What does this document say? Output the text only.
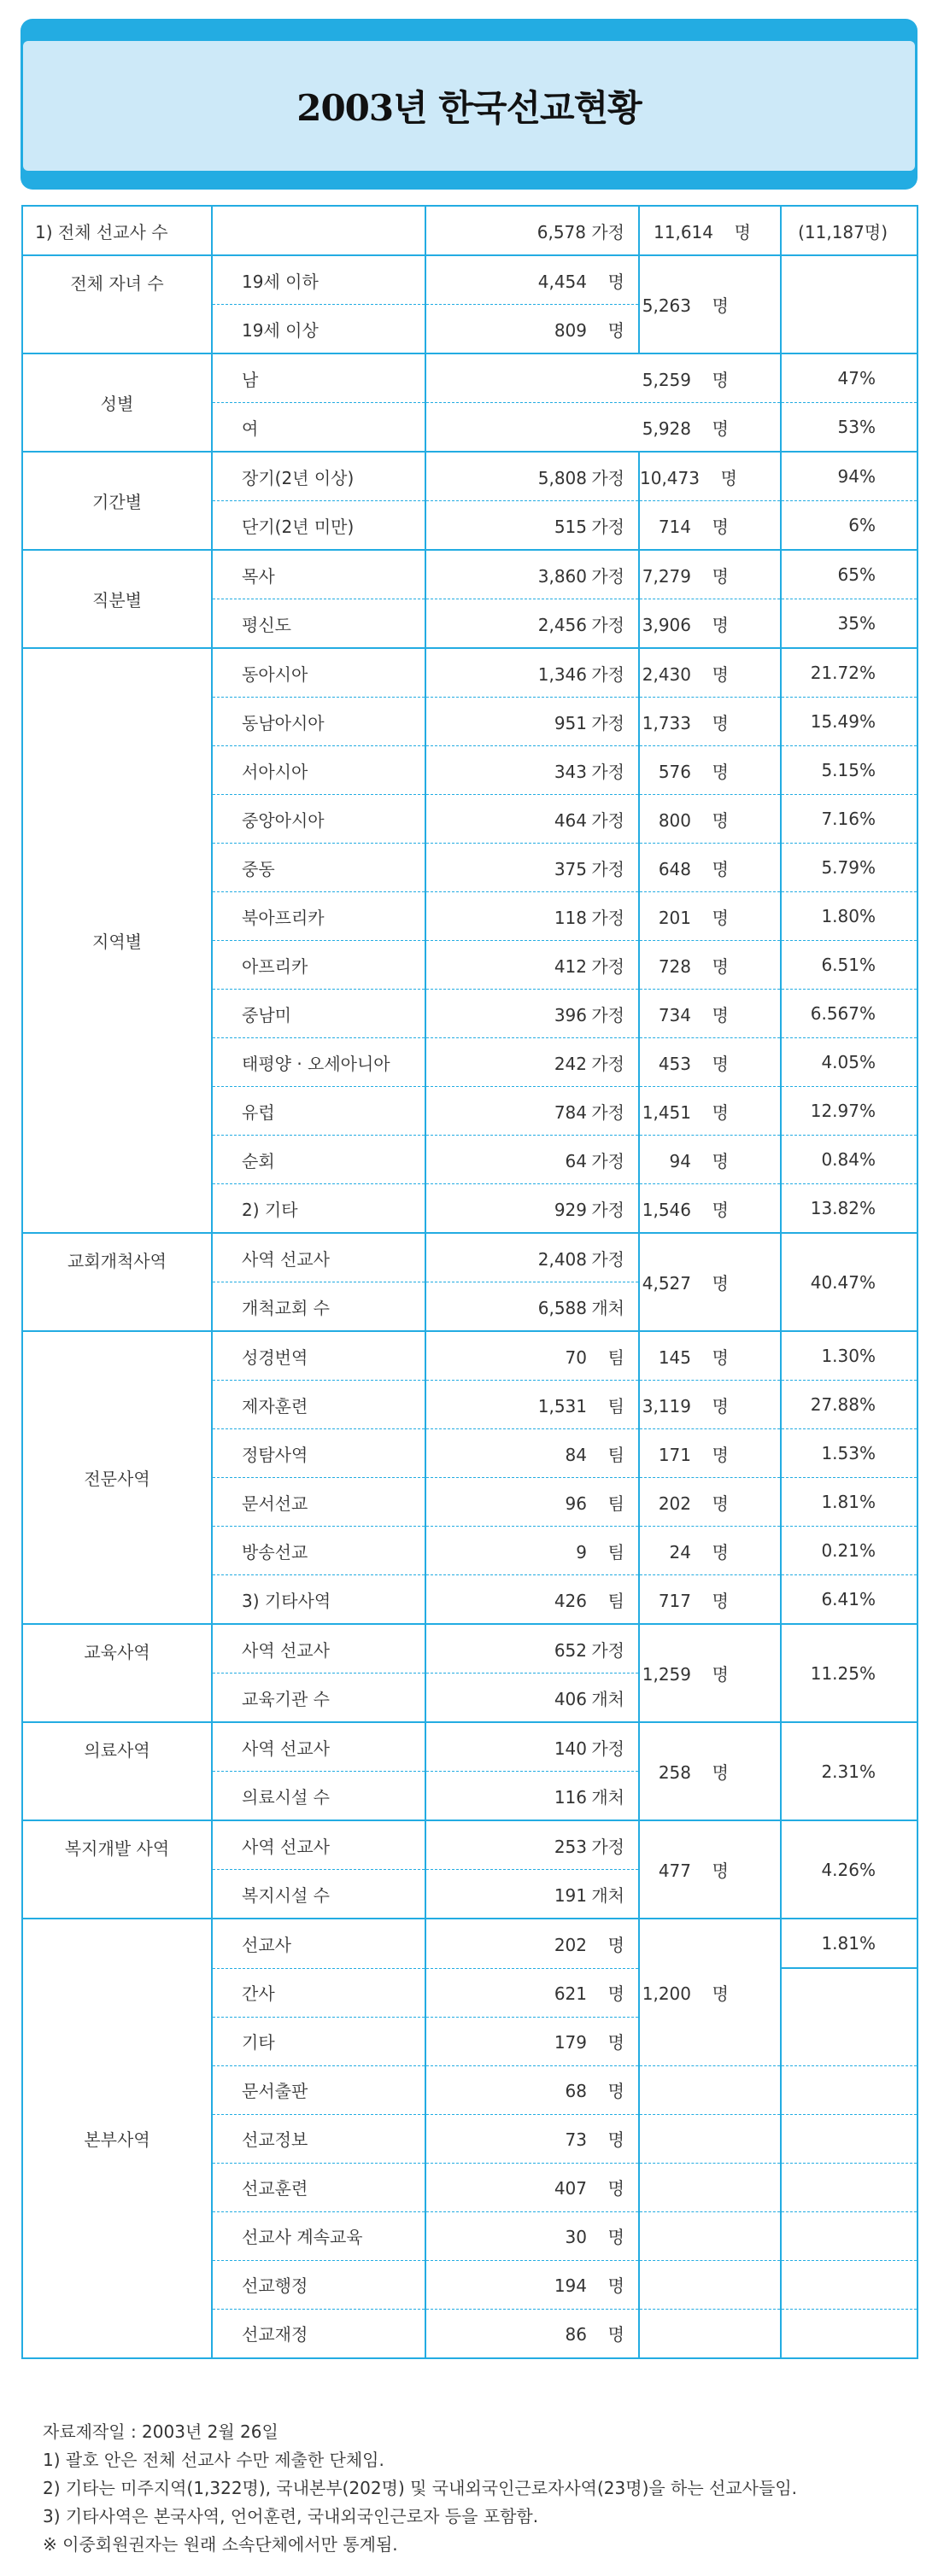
2003년 한국선교현황
1) 전체 선교사 수		6,578 가정	11,614 명	(11,187명)
전체 자녀 수	19세 이하	4,454 명	5,263 명	
	19세 이상	809 명		
성별	남		5,259 명	47%
	여		5,928 명	53%
기간별	장기(2년 이상)	5,808 가정	10,473 명	94%
	단기(2년 미만)	515 가정	714 명	6%
직분별	목사	3,860 가정	7,279 명	65%
	평신도	2,456 가정	3,906 명	35%
지역별	동아시아	1,346 가정	2,430 명	21.72%
	동남아시아	951 가정	1,733 명	15.49%
	서아시아	343 가정	576 명	5.15%
	중앙아시아	464 가정	800 명	7.16%
	중동	375 가정	648 명	5.79%
	북아프리카	118 가정	201 명	1.80%
	아프리카	412 가정	728 명	6.51%
	중남미	396 가정	734 명	6.567%
	태평양 · 오세아니아	242 가정	453 명	4.05%
	유럽	784 가정	1,451 명	12.97%
	순회	64 가정	94 명	0.84%
	2) 기타	929 가정	1,546 명	13.82%
교회개척사역	사역 선교사	2,408 가정	4,527 명	40.47%
	개척교회 수	6,588 개처		
전문사역	성경번역	70 팀	145 명	1.30%
	제자훈련	1,531 팀	3,119 명	27.88%
	정탐사역	84 팀	171 명	1.53%
	문서선교	96 팀	202 명	1.81%
	방송선교	9 팀	24 명	0.21%
	3) 기타사역	426 팀	717 명	6.41%
교육사역	사역 선교사	652 가정	1,259 명	11.25%
	교육기관 수	406 개처		
의료사역	사역 선교사	140 가정	258 명	2.31%
	의료시설 수	116 개처		
복지개발 사역	사역 선교사	253 가정	477 명	4.26%
	복지시설 수	191 개처		
본부사역	선교사	202 명	1,200 명	1.81%
	간사	621 명		
	기타	179 명		
	문서출판	68 명		
	선교정보	73 명		
	선교훈련	407 명		
	선교사 계속교육	30 명		
	선교행정	194 명		
	선교재정	86 명		
자료제작일 : 2003년 2월 26일
1) 괄호 안은 전체 선교사 수만 제출한 단체임.
2) 기타는 미주지역(1,322명), 국내본부(202명) 및 국내외국인근로자사역(23명)을 하는 선교사들임.
3) 기타사역은 본국사역, 언어훈련, 국내외국인근로자 등을 포함함.
※ 이중회원권자는 원래 소속단체에서만 통계됨.
